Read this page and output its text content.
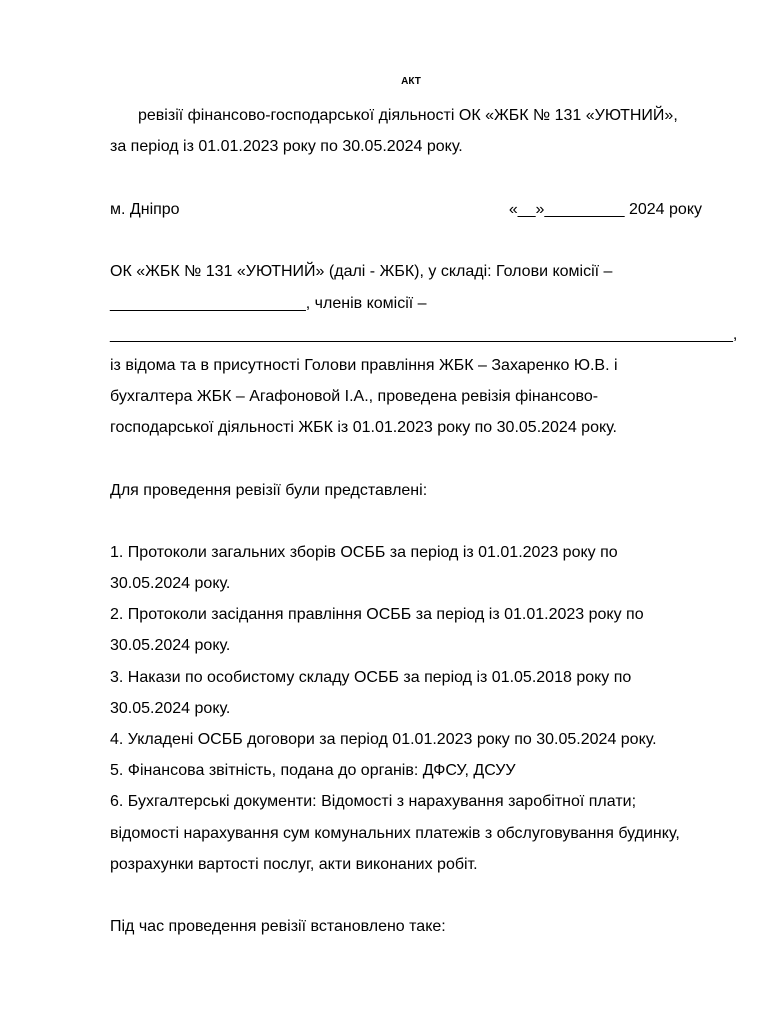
АКТ
ревізії фінансово-господарської діяльності ОК «ЖБК № 131 «УЮТНИЙ»,
за період із 01.01.2023 року по 30.05.2024 року.
м. Дніпро	«__»_________ 2024 року
ОК «ЖБК № 131 «УЮТНИЙ» (далі - ЖБК), у складі: Голови комісії –
______________________, членів комісії –
______________________________________________________________________,
із відома та в присутності Голови правління ЖБК – Захаренко Ю.В. і
бухгалтера ЖБК – Агафоновой І.А., проведена ревізія фінансово-
господарської діяльності ЖБК із 01.01.2023 року по 30.05.2024 року.
Для проведення ревізії були представлені:
1. Протоколи загальних зборів ОСББ за період із 01.01.2023 року по
30.05.2024 року.
2. Протоколи засідання правління ОСББ за період із 01.01.2023 року по
30.05.2024 року.
3. Накази по особистому складу ОСББ за період із 01.05.2018 року по
30.05.2024 року.
4. Укладені ОСББ договори за період 01.01.2023 року по 30.05.2024 року.
5. Фінансова звітність, подана до органів: ДФСУ, ДСУУ
6. Бухгалтерські документи: Відомості з нарахування заробітної плати;
відомості нарахування сум комунальних платежів з обслуговування будинку,
розрахунки вартості послуг, акти виконаних робіт.
Під час проведення ревізії встановлено таке:
